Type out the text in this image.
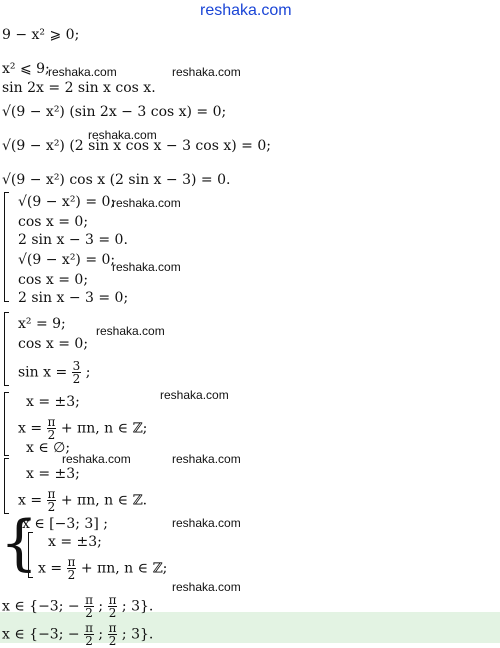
reshaka.com
9 − x² ⩾ 0;
x² ⩽ 9;
sin 2x = 2 sin x cos x.
√(9 − x²) (sin 2x − 3 cos x) = 0;
√(9 − x²) (2 sin x cos x − 3 cos x) = 0;
√(9 − x²) cos x (2 sin x − 3) = 0.
√(9 − x²) = 0;
cos x = 0;
2 sin x − 3 = 0.
√(9 − x²) = 0;
cos x = 0;
2 sin x − 3 = 0;
x² = 9;
cos x = 0;
$\sin x = \frac{3}{2}$ ;
x = ±3;
$x = \frac{\pi}{2} + \pi n$, n ∈ ℤ;
x ∈ ∅;
x = ±3;
$x = \frac{\pi}{2} + \pi n$, n ∈ ℤ.
{
x ∈ [−3; 3] ;
x = ±3;
$x = \frac{\pi}{2} + \pi n$, n ∈ ℤ;
x ∈ {−3; − $\frac{\pi}{2}$ ; $\frac{\pi}{2}$ ; 3}.
x ∈ {−3; − $\frac{\pi}{2}$ ; $\frac{\pi}{2}$ ; 3}.
reshaka.com	reshaka.com
reshaka.com
reshaka.com
reshaka.com
reshaka.com
reshaka.com
reshaka.com	reshaka.com
reshaka.com
reshaka.com
